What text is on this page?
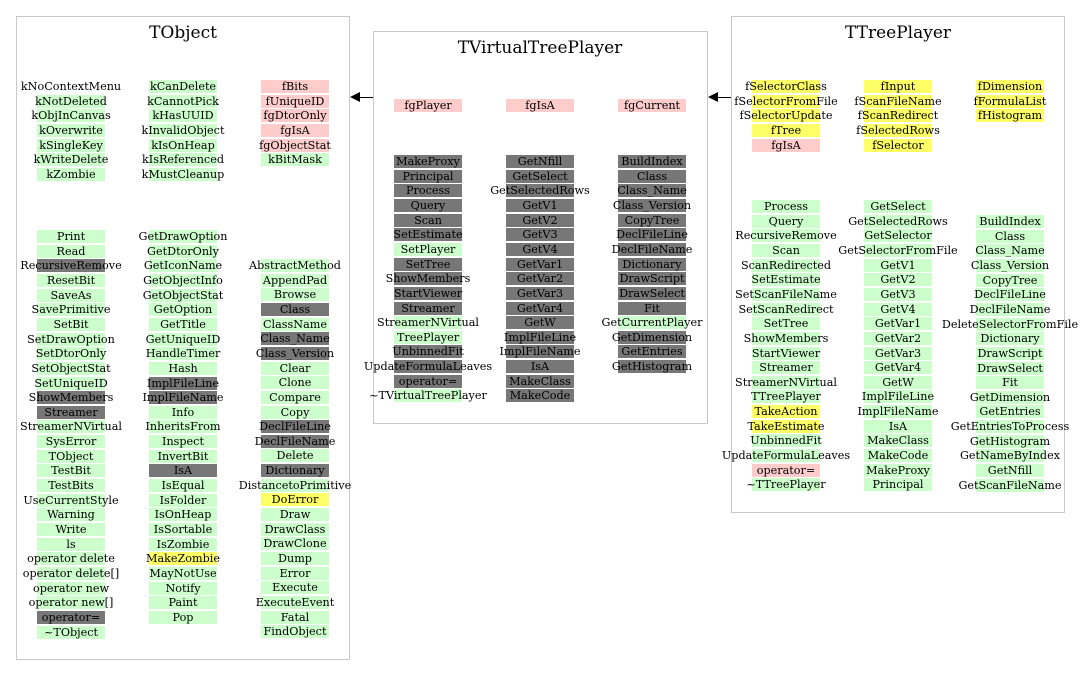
TObject
TVirtualTreePlayer
TTreePlayer
kNoContextMenu
kNotDeleted
kObjInCanvas
kOverwrite
kSingleKey
kWriteDelete
kZombie
Print
Read
RecursiveRemove
ResetBit
SaveAs
SavePrimitive
SetBit
SetDrawOption
SetDtorOnly
SetObjectStat
SetUniqueID
ShowMembers
Streamer
StreamerNVirtual
SysError
TObject
TestBit
TestBits
UseCurrentStyle
Warning
Write
ls
operator delete
operator delete[]
operator new
operator new[]
operator=
~TObject
kCanDelete
kCannotPick
kHasUUID
kInvalidObject
kIsOnHeap
kIsReferenced
kMustCleanup
GetDrawOption
GetDtorOnly
GetIconName
GetObjectInfo
GetObjectStat
GetOption
GetTitle
GetUniqueID
HandleTimer
Hash
ImplFileLine
ImplFileName
Info
InheritsFrom
Inspect
InvertBit
IsA
IsEqual
IsFolder
IsOnHeap
IsSortable
IsZombie
MakeZombie
MayNotUse
Notify
Paint
Pop
fBits
fUniqueID
fgDtorOnly
fgIsA
fgObjectStat
kBitMask
AbstractMethod
AppendPad
Browse
Class
ClassName
Class_Name
Class_Version
Clear
Clone
Compare
Copy
DeclFileLine
DeclFileName
Delete
Dictionary
DistancetoPrimitive
DoError
Draw
DrawClass
DrawClone
Dump
Error
Execute
ExecuteEvent
Fatal
FindObject
fgPlayer
MakeProxy
Principal
Process
Query
Scan
SetEstimate
SetPlayer
SetTree
ShowMembers
StartViewer
Streamer
StreamerNVirtual
TreePlayer
UnbinnedFit
UpdateFormulaLeaves
operator=
~TVirtualTreePlayer
fgIsA
GetNfill
GetSelect
GetSelectedRows
GetV1
GetV2
GetV3
GetV4
GetVar1
GetVar2
GetVar3
GetVar4
GetW
ImplFileLine
ImplFileName
IsA
MakeClass
MakeCode
fgCurrent
BuildIndex
Class
Class_Name
Class_Version
CopyTree
DeclFileLine
DeclFileName
Dictionary
DrawScript
DrawSelect
Fit
GetCurrentPlayer
GetDimension
GetEntries
GetHistogram
fSelectorClass
fSelectorFromFile
fSelectorUpdate
fTree
fgIsA
Process
Query
RecursiveRemove
Scan
ScanRedirected
SetEstimate
SetScanFileName
SetScanRedirect
SetTree
ShowMembers
StartViewer
Streamer
StreamerNVirtual
TTreePlayer
TakeAction
TakeEstimate
UnbinnedFit
UpdateFormulaLeaves
operator=
~TTreePlayer
fInput
fScanFileName
fScanRedirect
fSelectedRows
fSelector
GetSelect
GetSelectedRows
GetSelector
GetSelectorFromFile
GetV1
GetV2
GetV3
GetV4
GetVar1
GetVar2
GetVar3
GetVar4
GetW
ImplFileLine
ImplFileName
IsA
MakeClass
MakeCode
MakeProxy
Principal
fDimension
fFormulaList
fHistogram
BuildIndex
Class
Class_Name
Class_Version
CopyTree
DeclFileLine
DeclFileName
DeleteSelectorFromFile
Dictionary
DrawScript
DrawSelect
Fit
GetDimension
GetEntries
GetEntriesToProcess
GetHistogram
GetNameByIndex
GetNfill
GetScanFileName
